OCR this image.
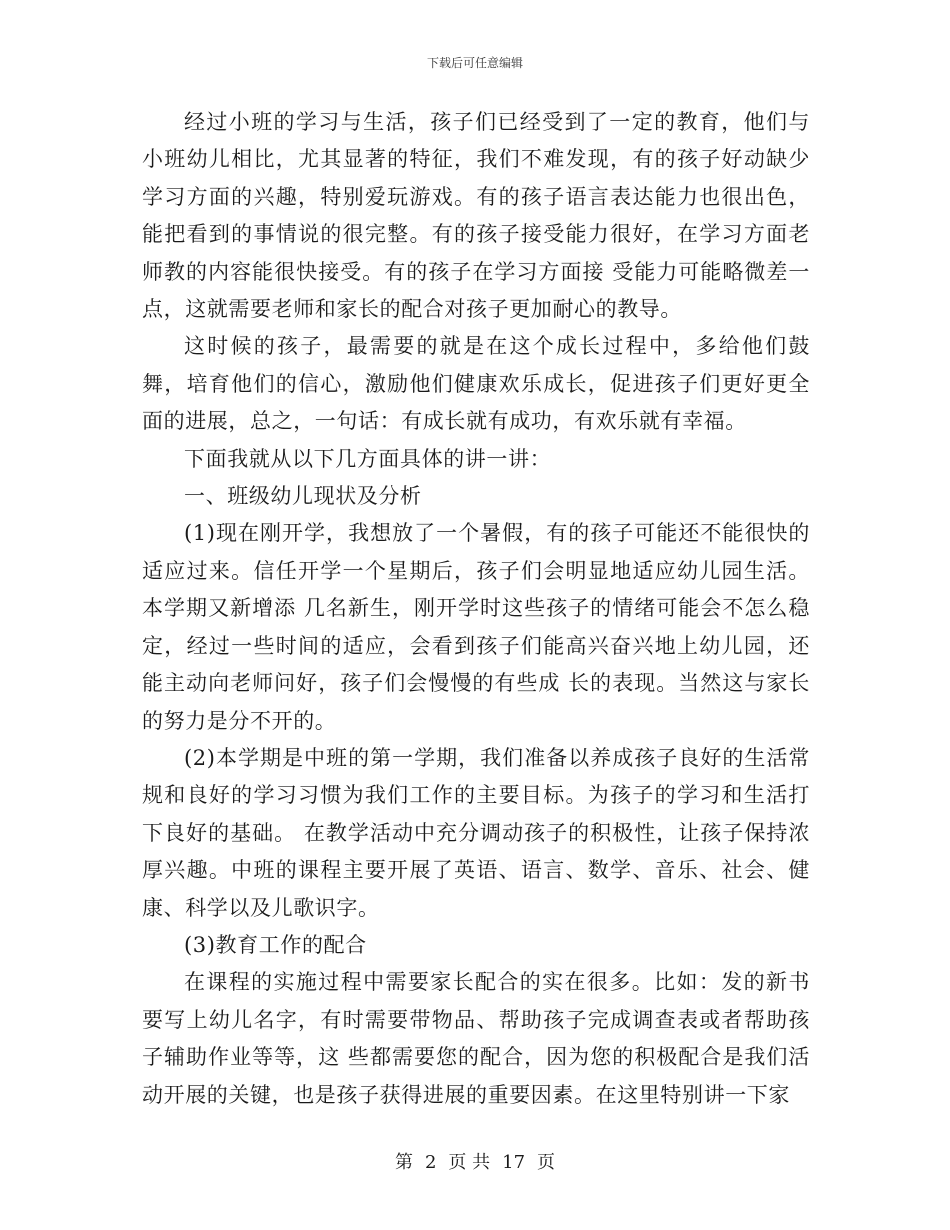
下载后可任意编辑

经过小班的学习与生活，孩子们已经受到了一定的教育，他们与小班幼儿相比，尤其显著的特征，我们不难发现，有的孩子好动缺少学习方面的兴趣，特别爱玩游戏。有的孩子语言表达能力也很出色，能把看到的事情说的很完整。有的孩子接受能力很好，在学习方面老师教的内容能很快接受。有的孩子在学习方面接 受能力可能略微差一点，这就需要老师和家长的配合对孩子更加耐心的教导。

这时候的孩子，最需要的就是在这个成长过程中，多给他们鼓舞，培育他们的信心，激励他们健康欢乐成长，促进孩子们更好更全面的进展，总之，一句话：有成长就有成功，有欢乐就有幸福。

下面我就从以下几方面具体的讲一讲：

一、班级幼儿现状及分析

(1)现在刚开学，我想放了一个暑假，有的孩子可能还不能很快的适应过来。信任开学一个星期后，孩子们会明显地适应幼儿园生活。本学期又新增添 几名新生，刚开学时这些孩子的情绪可能会不怎么稳定，经过一些时间的适应，会看到孩子们能高兴奋兴地上幼儿园，还能主动向老师问好，孩子们会慢慢的有些成 长的表现。当然这与家长的努力是分不开的。

(2)本学期是中班的第一学期，我们准备以养成孩子良好的生活常规和良好的学习习惯为我们工作的主要目标。为孩子的学习和生活打下良好的基础。 在教学活动中充分调动孩子的积极性，让孩子保持浓厚兴趣。中班的课程主要开展了英语、语言、数学、音乐、社会、健康、科学以及儿歌识字。

(3)教育工作的配合

在课程的实施过程中需要家长配合的实在很多。比如：发的新书要写上幼儿名字，有时需要带物品、帮助孩子完成调查表或者帮助孩子辅助作业等等，这 些都需要您的配合，因为您的积极配合是我们活动开展的关键，也是孩子获得进展的重要因素。在这里特别讲一下家

第 2 页 共 17 页
